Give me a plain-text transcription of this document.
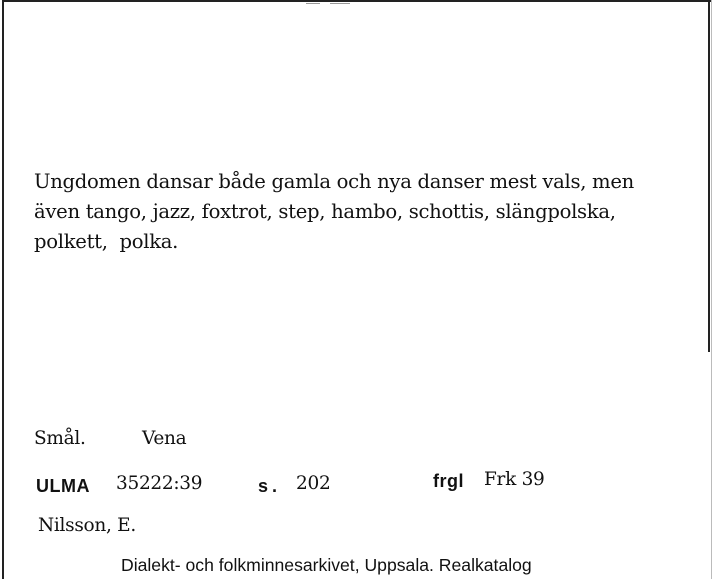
Ungdomen dansar både gamla och nya danser mest vals, men
även tango, jazz, foxtrot, step, hambo, schottis, slängpolska,
polkett,  polka.
Smål.	Vena
ULMA 35222:39	s. 202	frgl Frk 39
Nilsson, E.
Dialekt- och folkminnesarkivet, Uppsala. Realkatalog
